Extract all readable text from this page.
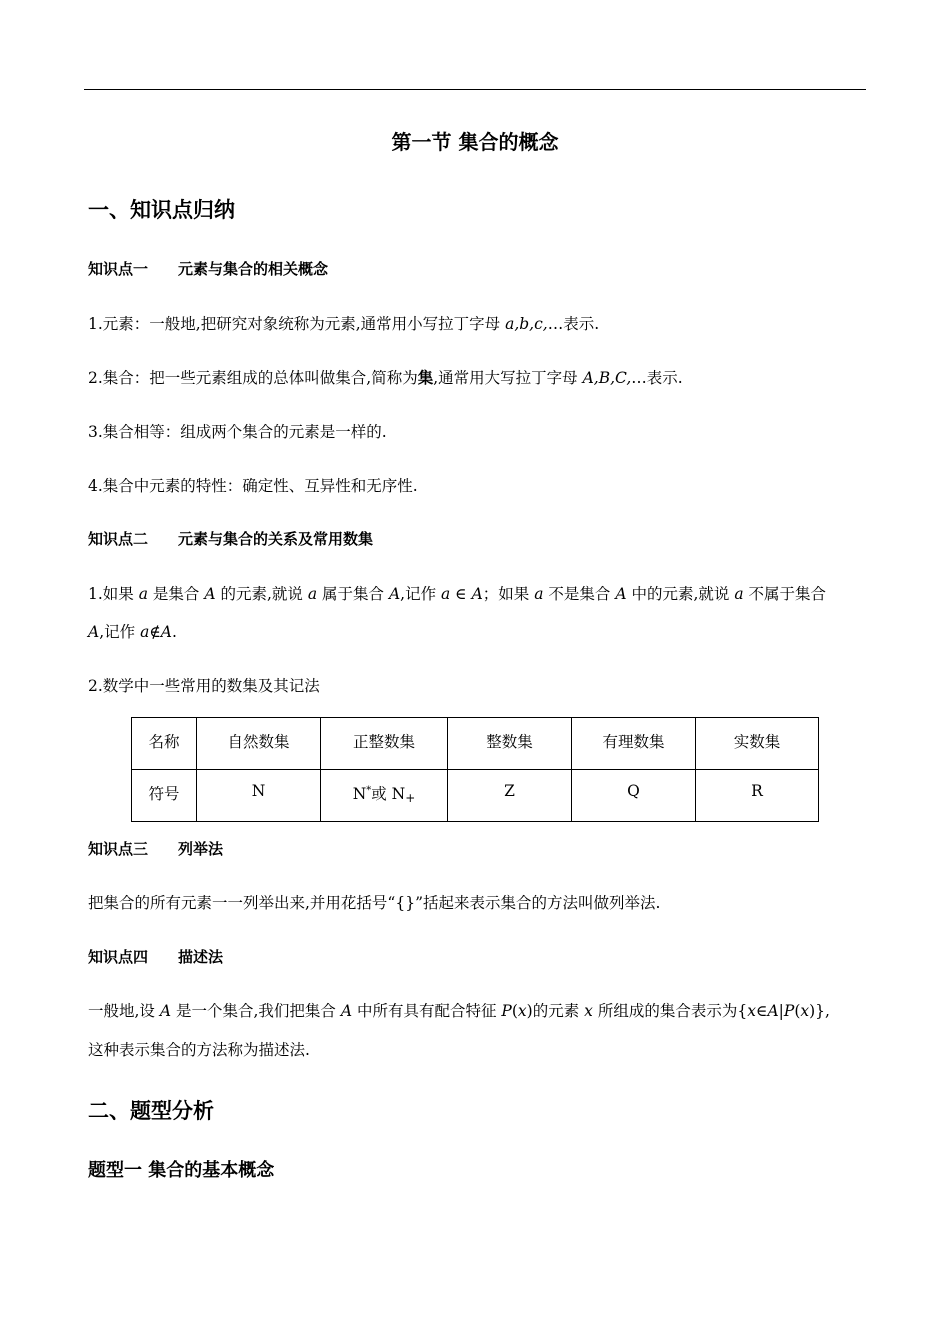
第一节 集合的概念
一、知识点归纳
知识点一 元素与集合的相关概念
1.元素：一般地,把研究对象统称为元素,通常用小写拉丁字母 a,b,c,…表示.
2.集合：把一些元素组成的总体叫做集合,简称为集,通常用大写拉丁字母 A,B,C,…表示.
3.集合相等：组成两个集合的元素是一样的.
4.集合中元素的特性：确定性、互异性和无序性.
知识点二 元素与集合的关系及常用数集
1.如果 a 是集合 A 的元素,就说 a 属于集合 A,记作 a ∈ A；如果 a 不是集合 A 中的元素,就说 a 不属于集合
A,记作 a∉A.
2.数学中一些常用的数集及其记法
名称	自然数集	正整数集	整数集	有理数集	实数集
符号	N	N*或 $N_+$	Z	Q	R
知识点三 列举法
把集合的所有元素一一列举出来,并用花括号“{}”括起来表示集合的方法叫做列举法.
知识点四 描述法
一般地,设 A 是一个集合,我们把集合 A 中所有具有配合特征 P(x)的元素 x 所组成的集合表示为{x∈A|P(x)},
这种表示集合的方法称为描述法.
二、题型分析
题型一 集合的基本概念
